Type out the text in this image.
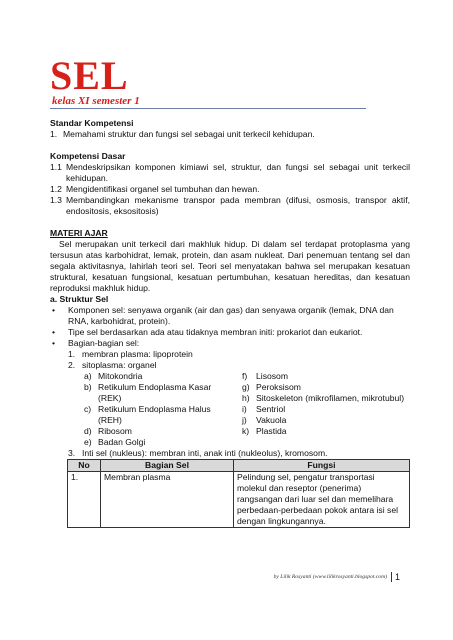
SEL
kelas XI semester 1
Standar Kompetensi
1. Memahami struktur dan fungsi sel sebagai unit terkecil kehidupan.
Kompetensi Dasar
1.1 Mendeskripsikan komponen kimiawi sel, struktur, dan fungsi sel sebagai unit terkecil kehidupan.
1.2 Mengidentifikasi organel sel tumbuhan dan hewan.
1.3 Membandingkan mekanisme transpor pada membran (difusi, osmosis, transpor aktif, endositosis, eksositosis)
MATERI AJAR
Sel merupakan unit terkecil dari makhluk hidup. Di dalam sel terdapat protoplasma yang tersusun atas karbohidrat, lemak, protein, dan asam nukleat. Dari penemuan tentang sel dan segala aktivitasnya, lahirlah teori sel. Teori sel menyatakan bahwa sel merupakan kesatuan struktural, kesatuan fungsional, kesatuan pertumbuhan, kesatuan hereditas, dan kesatuan reproduksi makhluk hidup.
a. Struktur Sel
•	Komponen sel: senyawa organik (air dan gas) dan senyawa organik (lemak, DNA dan RNA, karbohidrat, protein).
•	Tipe sel berdasarkan ada atau tidaknya membran initi: prokariot dan eukariot.
•	Bagian-bagian sel:
1. membran plasma: lipoprotein
2. sitoplasma: organel
a) Mitokondria
b) Retikulum Endoplasma Kasar (REK)
c) Retikulum Endoplasma Halus (REH)
d) Ribosom
e) Badan Golgi
f)	Lisosom
g) Peroksisom
h) Sitoskeleton (mikrofilamen, mikrotubul)
i)	Sentriol
j)	Vakuola
k) Plastida
3. Inti sel (nukleus): membran inti, anak inti (nukleolus), kromosom.
No	Bagian Sel	Fungsi
1.	Membran plasma	Pelindung sel, pengatur transportasi molekul dan reseptor (penerima) rangsangan dari luar sel dan memelihara perbedaan-perbedaan pokok antara isi sel dengan lingkungannya.
by Lilik Rosyanti (www.lilikrosyanti.blogspot.com) 1
